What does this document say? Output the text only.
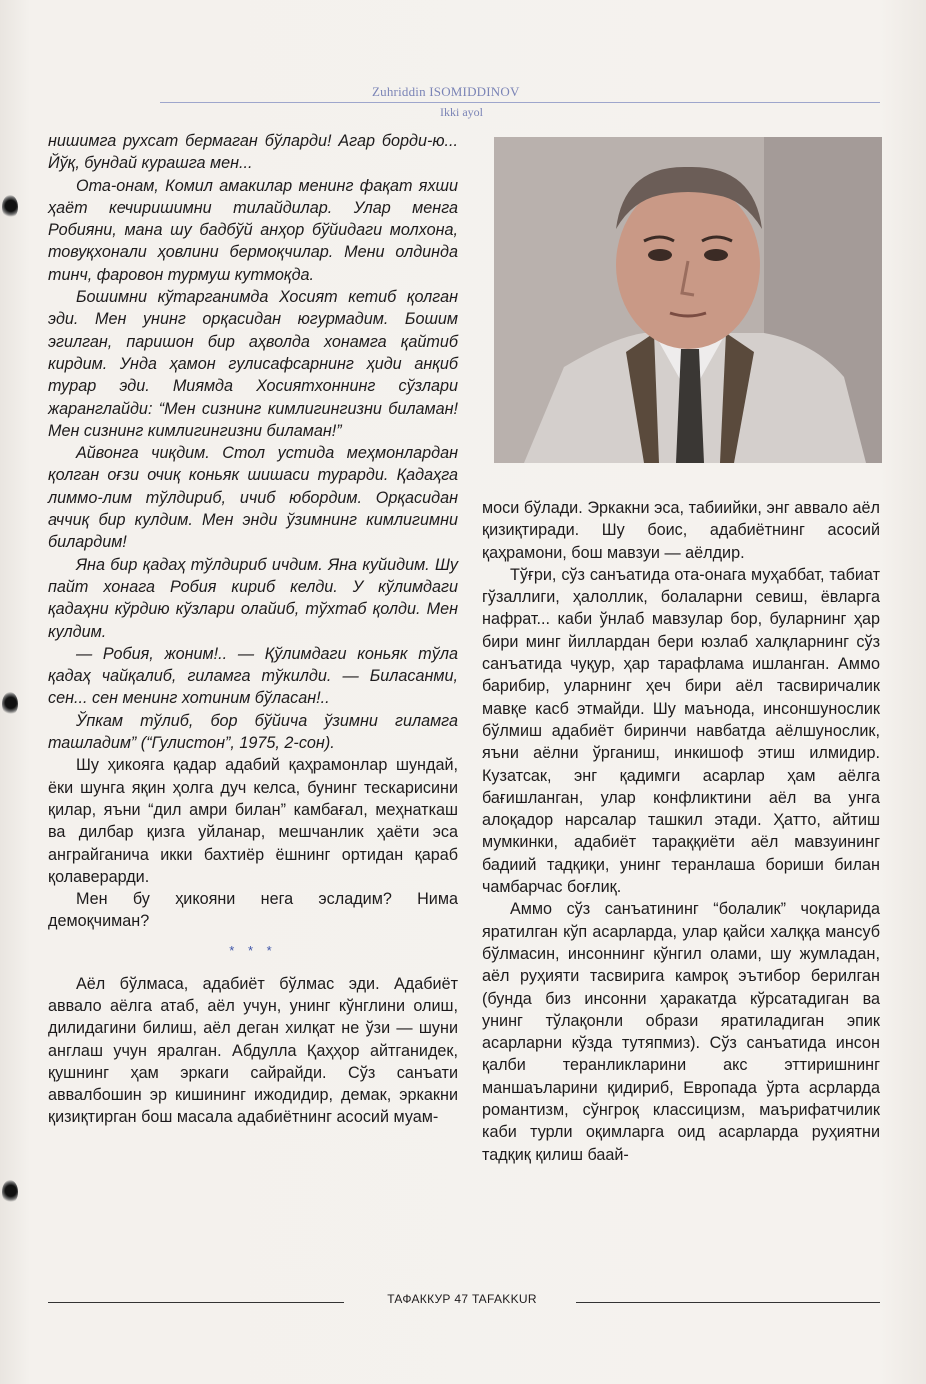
Zuhriddin ISOMIDDINOV
Ikki ayol

нишимга рухсат бермаган бўларди! Агар борди-ю... Йўқ, бундай курашга мен...

Ота-онам, Комил амакилар менинг фақат яхши ҳаёт кечиришимни тилайдилар. Улар менга Робияни, мана шу бадбўй анҳор бўйидаги молхона, товуқхонали ҳовлини бермоқчилар. Мени олдинда тинч, фаровон турмуш кутмоқда.

Бошимни кўтарганимда Хосият кетиб қолган эди. Мен унинг орқасидан югурмадим. Бошим эгилган, паришон бир аҳволда хонамга қайтиб кирдим. Унда ҳамон гулисафсарнинг ҳиди анқиб турар эди. Миямда Хосиятхоннинг сўзлари жаранглайди: “Мен сизнинг кимлигингизни биламан! Мен сизнинг кимлигингизни биламан!”

Айвонга чиқдим. Стол устида меҳмонлардан қолган оғзи очиқ коньяк шишаси турарди. Қадаҳга лиммо-лим тўлдириб, ичиб юбордим. Орқасидан аччиқ бир кулдим. Мен энди ўзимнинг кимлигимни билардим!

Яна бир қадаҳ тўлдириб ичдим. Яна куйидим. Шу пайт хонага Робия кириб келди. У кўлимдаги қадаҳни кўрдию кўзлари олайиб, тўхтаб қолди. Мен кулдим.

— Робия, жоним!.. — Қўлимдаги коньяк тўла қадаҳ чайқалиб, гиламга тўкилди. — Биласанми, сен... сен менинг хотиним бўласан!..

Ўпкам тўлиб, бор бўйича ўзимни гиламга ташладим” (“Гулистон”, 1975, 2-сон).

Шу ҳикояга қадар адабий қаҳрамонлар шундай, ёки шунга яқин ҳолга дуч келса, бунинг тескарисини қилар, яъни “дил амри билан” камбағал, меҳнаткаш ва дилбар қизга уйланар, мешчанлик ҳаёти эса анграйганича икки бахтиёр ёшнинг ортидан қараб қолаверарди.

Мен бу ҳикояни нега эсладим? Нима демоқчиман?

* * *

Аёл бўлмаса, адабиёт бўлмас эди. Адабиёт аввало аёлга атаб, аёл учун, унинг кўнглини олиш, дилидагини билиш, аёл деган хилқат не ўзи — шуни англаш учун яралган. Абдулла Қаҳҳор айтганидек, қушнинг ҳам эркаги сайрайди. Сўз санъати аввалбошин эр кишининг ижодидир, демак, эркакни қизиқтирган бош масала адабиётнинг асосий муам-

моси бўлади. Эркакни эса, табиийки, энг аввало аёл қизиқтиради. Шу боис, адабиётнинг асосий қаҳрамони, бош мавзуи — аёлдир.

Тўғри, сўз санъатида ота-онага муҳаббат, табиат гўзаллиги, ҳалоллик, болаларни севиш, ёвларга нафрат... каби ўнлаб мавзулар бор, буларнинг ҳар бири минг йиллардан бери юзлаб халқларнинг сўз санъатида чуқур, ҳар тарафлама ишланган. Аммо барибир, уларнинг ҳеч бири аёл тасвиричалик мавқе касб этмайди. Шу маънода, инсоншунослик бўлмиш адабиёт биринчи навбатда аёлшунослик, яъни аёлни ўрганиш, инкишоф этиш илмидир. Кузатсак, энг қадимги асарлар ҳам аёлга бағишланган, улар конфликтини аёл ва унга алоқадор нарсалар ташкил этади. Ҳатто, айтиш мумкинки, адабиёт тараққиёти аёл мавзуининг бадиий тадқиқи, унинг теранлаша бориши билан чамбарчас боғлиқ.

Аммо сўз санъатининг “болалик” чоқларида яратилган кўп асарларда, улар қайси халққа мансуб бўлмасин, инсоннинг кўнгил олами, шу жумладан, аёл руҳияти тасвирига камроқ эътибор берилган (бунда биз инсонни ҳаракатда кўрсатадиган ва унинг тўлақонли образи яратиладиган эпик асарларни кўзда тутяпмиз). Сўз санъатида инсон қалби теранликларини акс эттиришнинг маншаъларини қидириб, Европада ўрта асрларда романтизм, сўнгроқ классицизм, маърифатчилик каби турли оқимларга оид асарларда руҳиятни тадқиқ қилиш баай-

ТАФАККУР 47 TAFAKKUR
